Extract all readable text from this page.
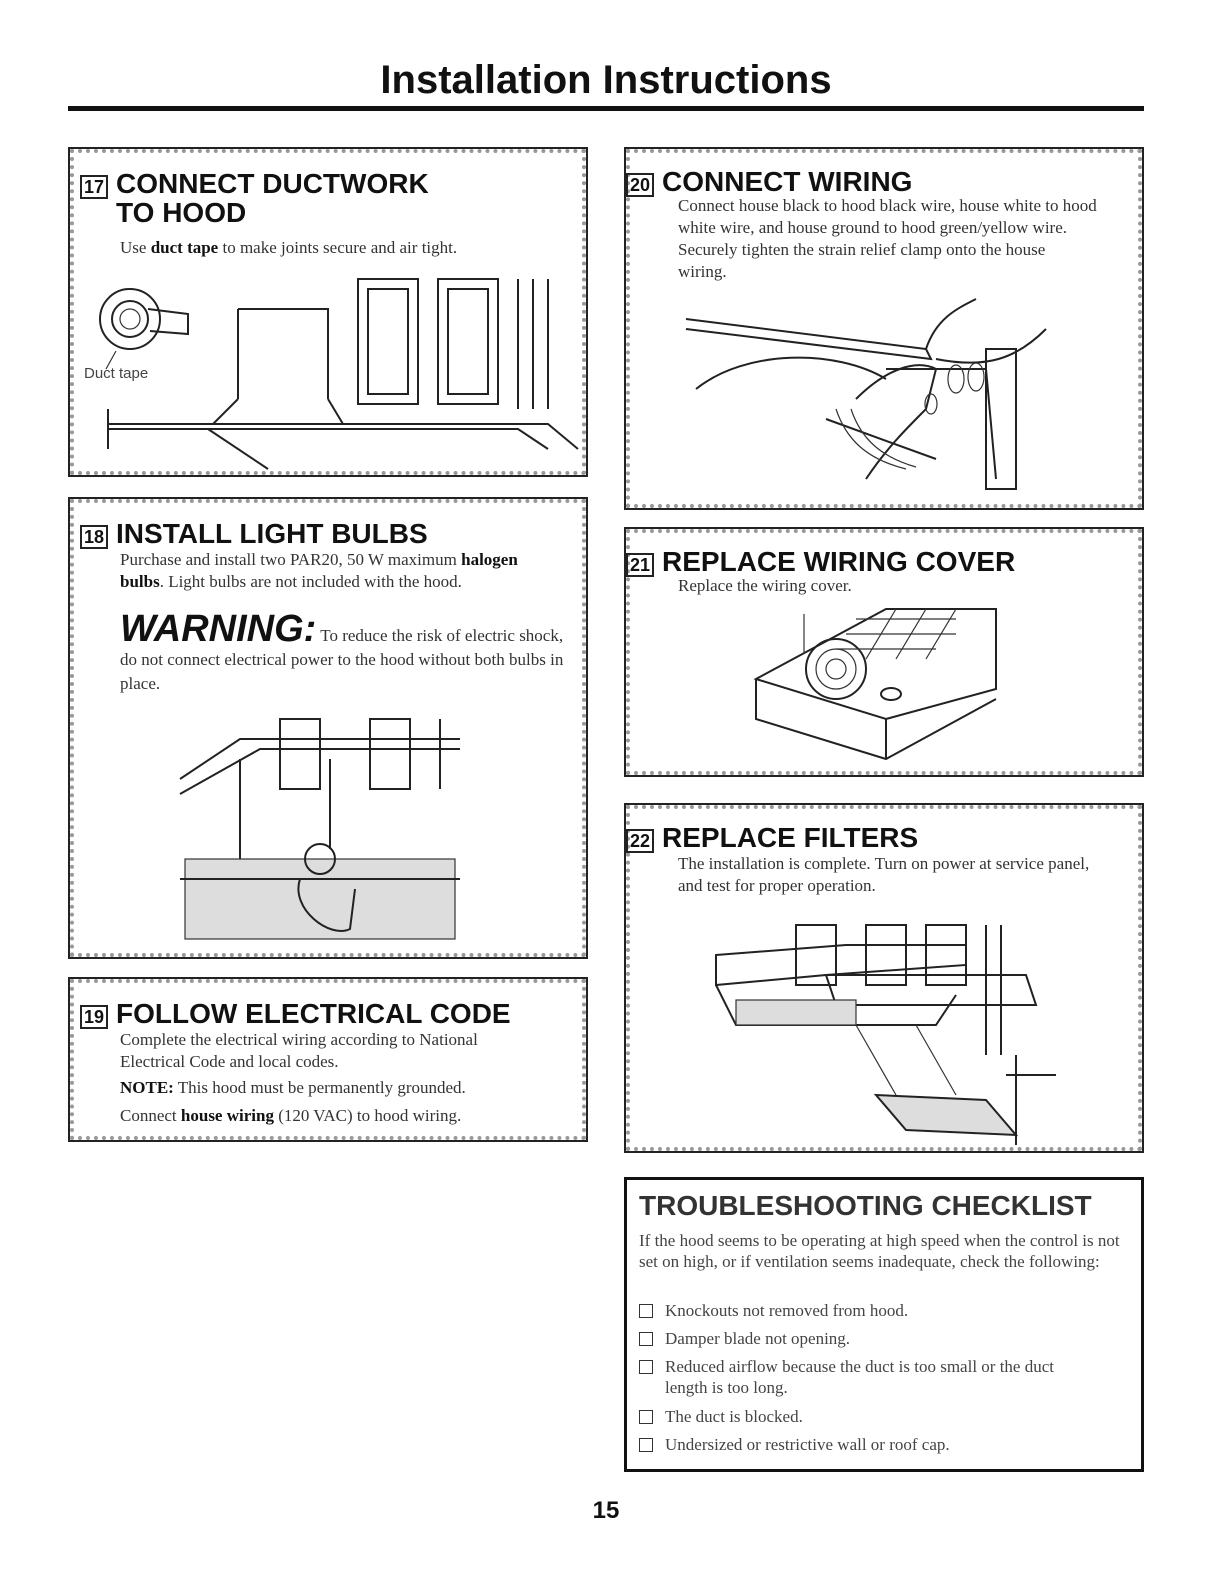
Installation Instructions
17 CONNECT DUCTWORK
TO HOOD
Use duct tape to make joints secure and air tight.
Duct tape
18 INSTALL LIGHT BULBS
Purchase and install two PAR20, 50 W maximum halogen bulbs. Light bulbs are not included with the hood.
WARNING: To reduce the risk of electric shock, do not connect electrical power to the hood without both bulbs in place.
19 FOLLOW ELECTRICAL CODE
Complete the electrical wiring according to National Electrical Code and local codes.
NOTE: This hood must be permanently grounded.
Connect house wiring (120 VAC) to hood wiring.
20 CONNECT WIRING
Connect house black to hood black wire, house white to hood white wire, and house ground to hood green/yellow wire. Securely tighten the strain relief clamp onto the house wiring.
21 REPLACE WIRING COVER
Replace the wiring cover.
22 REPLACE FILTERS
The installation is complete. Turn on power at service panel, and test for proper operation.
TROUBLESHOOTING CHECKLIST
If the hood seems to be operating at high speed when the control is not set on high, or if ventilation seems inadequate, check the following:
Knockouts not removed from hood.
Damper blade not opening.
Reduced airflow because the duct is too small or the duct length is too long.
The duct is blocked.
Undersized or restrictive wall or roof cap.
15
